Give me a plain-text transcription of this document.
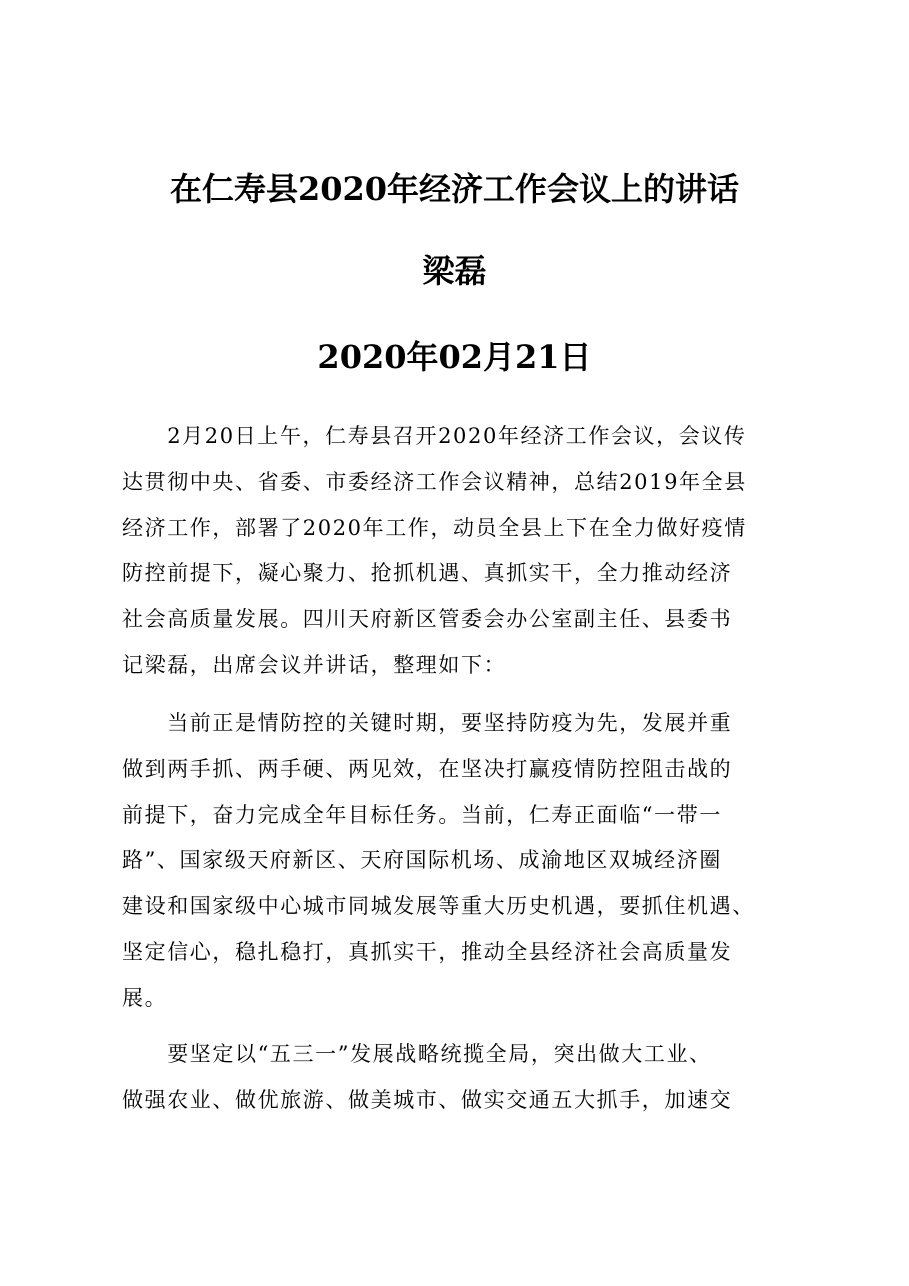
在仁寿县2020年经济工作会议上的讲话
梁磊
2020年02月21日
　　2月20日上午，仁寿县召开2020年经济工作会议，会议传
达贯彻中央、省委、市委经济工作会议精神，总结2019年全县
经济工作，部署了2020年工作，动员全县上下在全力做好疫情
防控前提下，凝心聚力、抢抓机遇、真抓实干，全力推动经济
社会高质量发展。四川天府新区管委会办公室副主任、县委书
记梁磊，出席会议并讲话，整理如下：
　　当前正是情防控的关键时期，要坚持防疫为先，发展并重
做到两手抓、两手硬、两见效，在坚决打赢疫情防控阻击战的
前提下，奋力完成全年目标任务。当前，仁寿正面临“一带一
路”、国家级天府新区、天府国际机场、成渝地区双城经济圈
建设和国家级中心城市同城发展等重大历史机遇，要抓住机遇、
坚定信心，稳扎稳打，真抓实干，推动全县经济社会高质量发
展。
　　要坚定以“五三一”发展战略统揽全局，突出做大工业、
做强农业、做优旅游、做美城市、做实交通五大抓手，加速交
